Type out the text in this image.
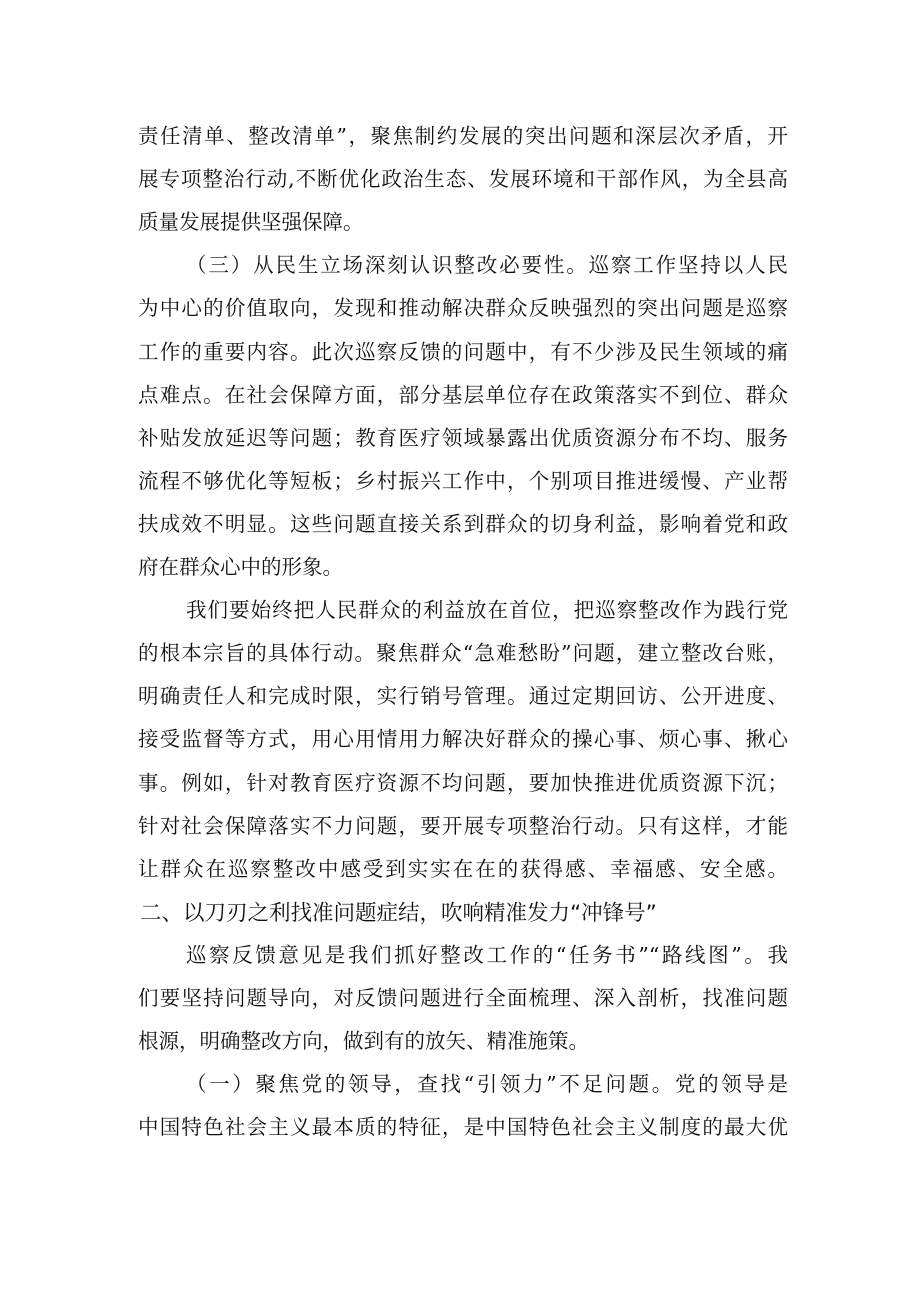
责任清单、整改清单”，聚焦制约发展的突出问题和深层次矛盾，开
展专项整治行动,不断优化政治生态、发展环境和干部作风，为全县高
质量发展提供坚强保障。
（三）从民生立场深刻认识整改必要性。巡察工作坚持以人民
为中心的价值取向，发现和推动解决群众反映强烈的突出问题是巡察
工作的重要内容。此次巡察反馈的问题中，有不少涉及民生领域的痛
点难点。在社会保障方面，部分基层单位存在政策落实不到位、群众
补贴发放延迟等问题；教育医疗领域暴露出优质资源分布不均、服务
流程不够优化等短板；乡村振兴工作中，个别项目推进缓慢、产业帮
扶成效不明显。这些问题直接关系到群众的切身利益，影响着党和政
府在群众心中的形象。
我们要始终把人民群众的利益放在首位，把巡察整改作为践行党
的根本宗旨的具体行动。聚焦群众“急难愁盼”问题，建立整改台账，
明确责任人和完成时限，实行销号管理。通过定期回访、公开进度、
接受监督等方式，用心用情用力解决好群众的操心事、烦心事、揪心
事。例如，针对教育医疗资源不均问题，要加快推进优质资源下沉；
针对社会保障落实不力问题，要开展专项整治行动。只有这样，才能
让群众在巡察整改中感受到实实在在的获得感、幸福感、安全感。
二、以刀刃之利找准问题症结，吹响精准发力“冲锋号”
巡察反馈意见是我们抓好整改工作的“任务书”“路线图”。我
们要坚持问题导向，对反馈问题进行全面梳理、深入剖析，找准问题
根源，明确整改方向，做到有的放矢、精准施策。
（一）聚焦党的领导，查找“引领力”不足问题。党的领导是
中国特色社会主义最本质的特征，是中国特色社会主义制度的最大优
